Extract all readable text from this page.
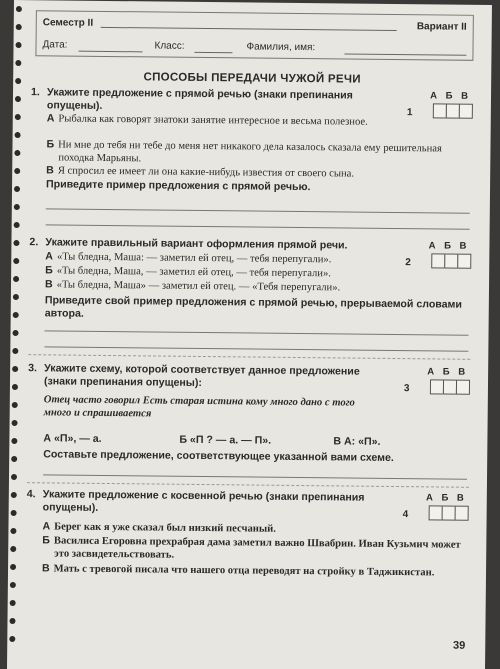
Семестр II	Вариант II
Дата:	Класс:	Фамилия, имя:
СПОСОБЫ ПЕРЕДАЧИ ЧУЖОЙ РЕЧИ
1. Укажите предложение с прямой речью (знаки препинания опущены).
А Б В
1
А Рыбалка как говорят знатоки занятие интересное и весьма полезное.
Б Ни мне до тебя ни тебе до меня нет никакого дела казалось сказала ему решительная походка Марьяны.
В Я спросил ее имеет ли она какие-нибудь известия от своего сына.
Приведите пример предложения с прямой речью.
2. Укажите правильный вариант оформления прямой речи.	А Б В
2
А «Ты бледна, Маша: — заметил ей отец, — тебя перепугали».
Б «Ты бледна, Маша, — заметил ей отец, — тебя перепугали».
В «Ты бледна, Маша» — заметил ей отец. — «Тебя перепугали».
Приведите свой пример предложения с прямой речью, прерываемой словами автора.
3. Укажите схему, которой соответствует данное предложение (знаки препинания опущены):
А Б В
3
Отец часто говорил Есть старая истина кому много дано с того много и спрашивается
А «П», — а.	Б «П ? — а. — П».	В А: «П».
Составьте предложение, соответствующее указанной вами схеме.
4. Укажите предложение с косвенной речью (знаки препинания опущены).
А Б В
4
А Берег как я уже сказал был низкий песчаный.
Б Василиса Егоровна прехрабрая дама заметил важно Швабрин. Иван Кузьмич может это засвидетельствовать.
В Мать с тревогой писала что нашего отца переводят на стройку в Таджикистан.
39
